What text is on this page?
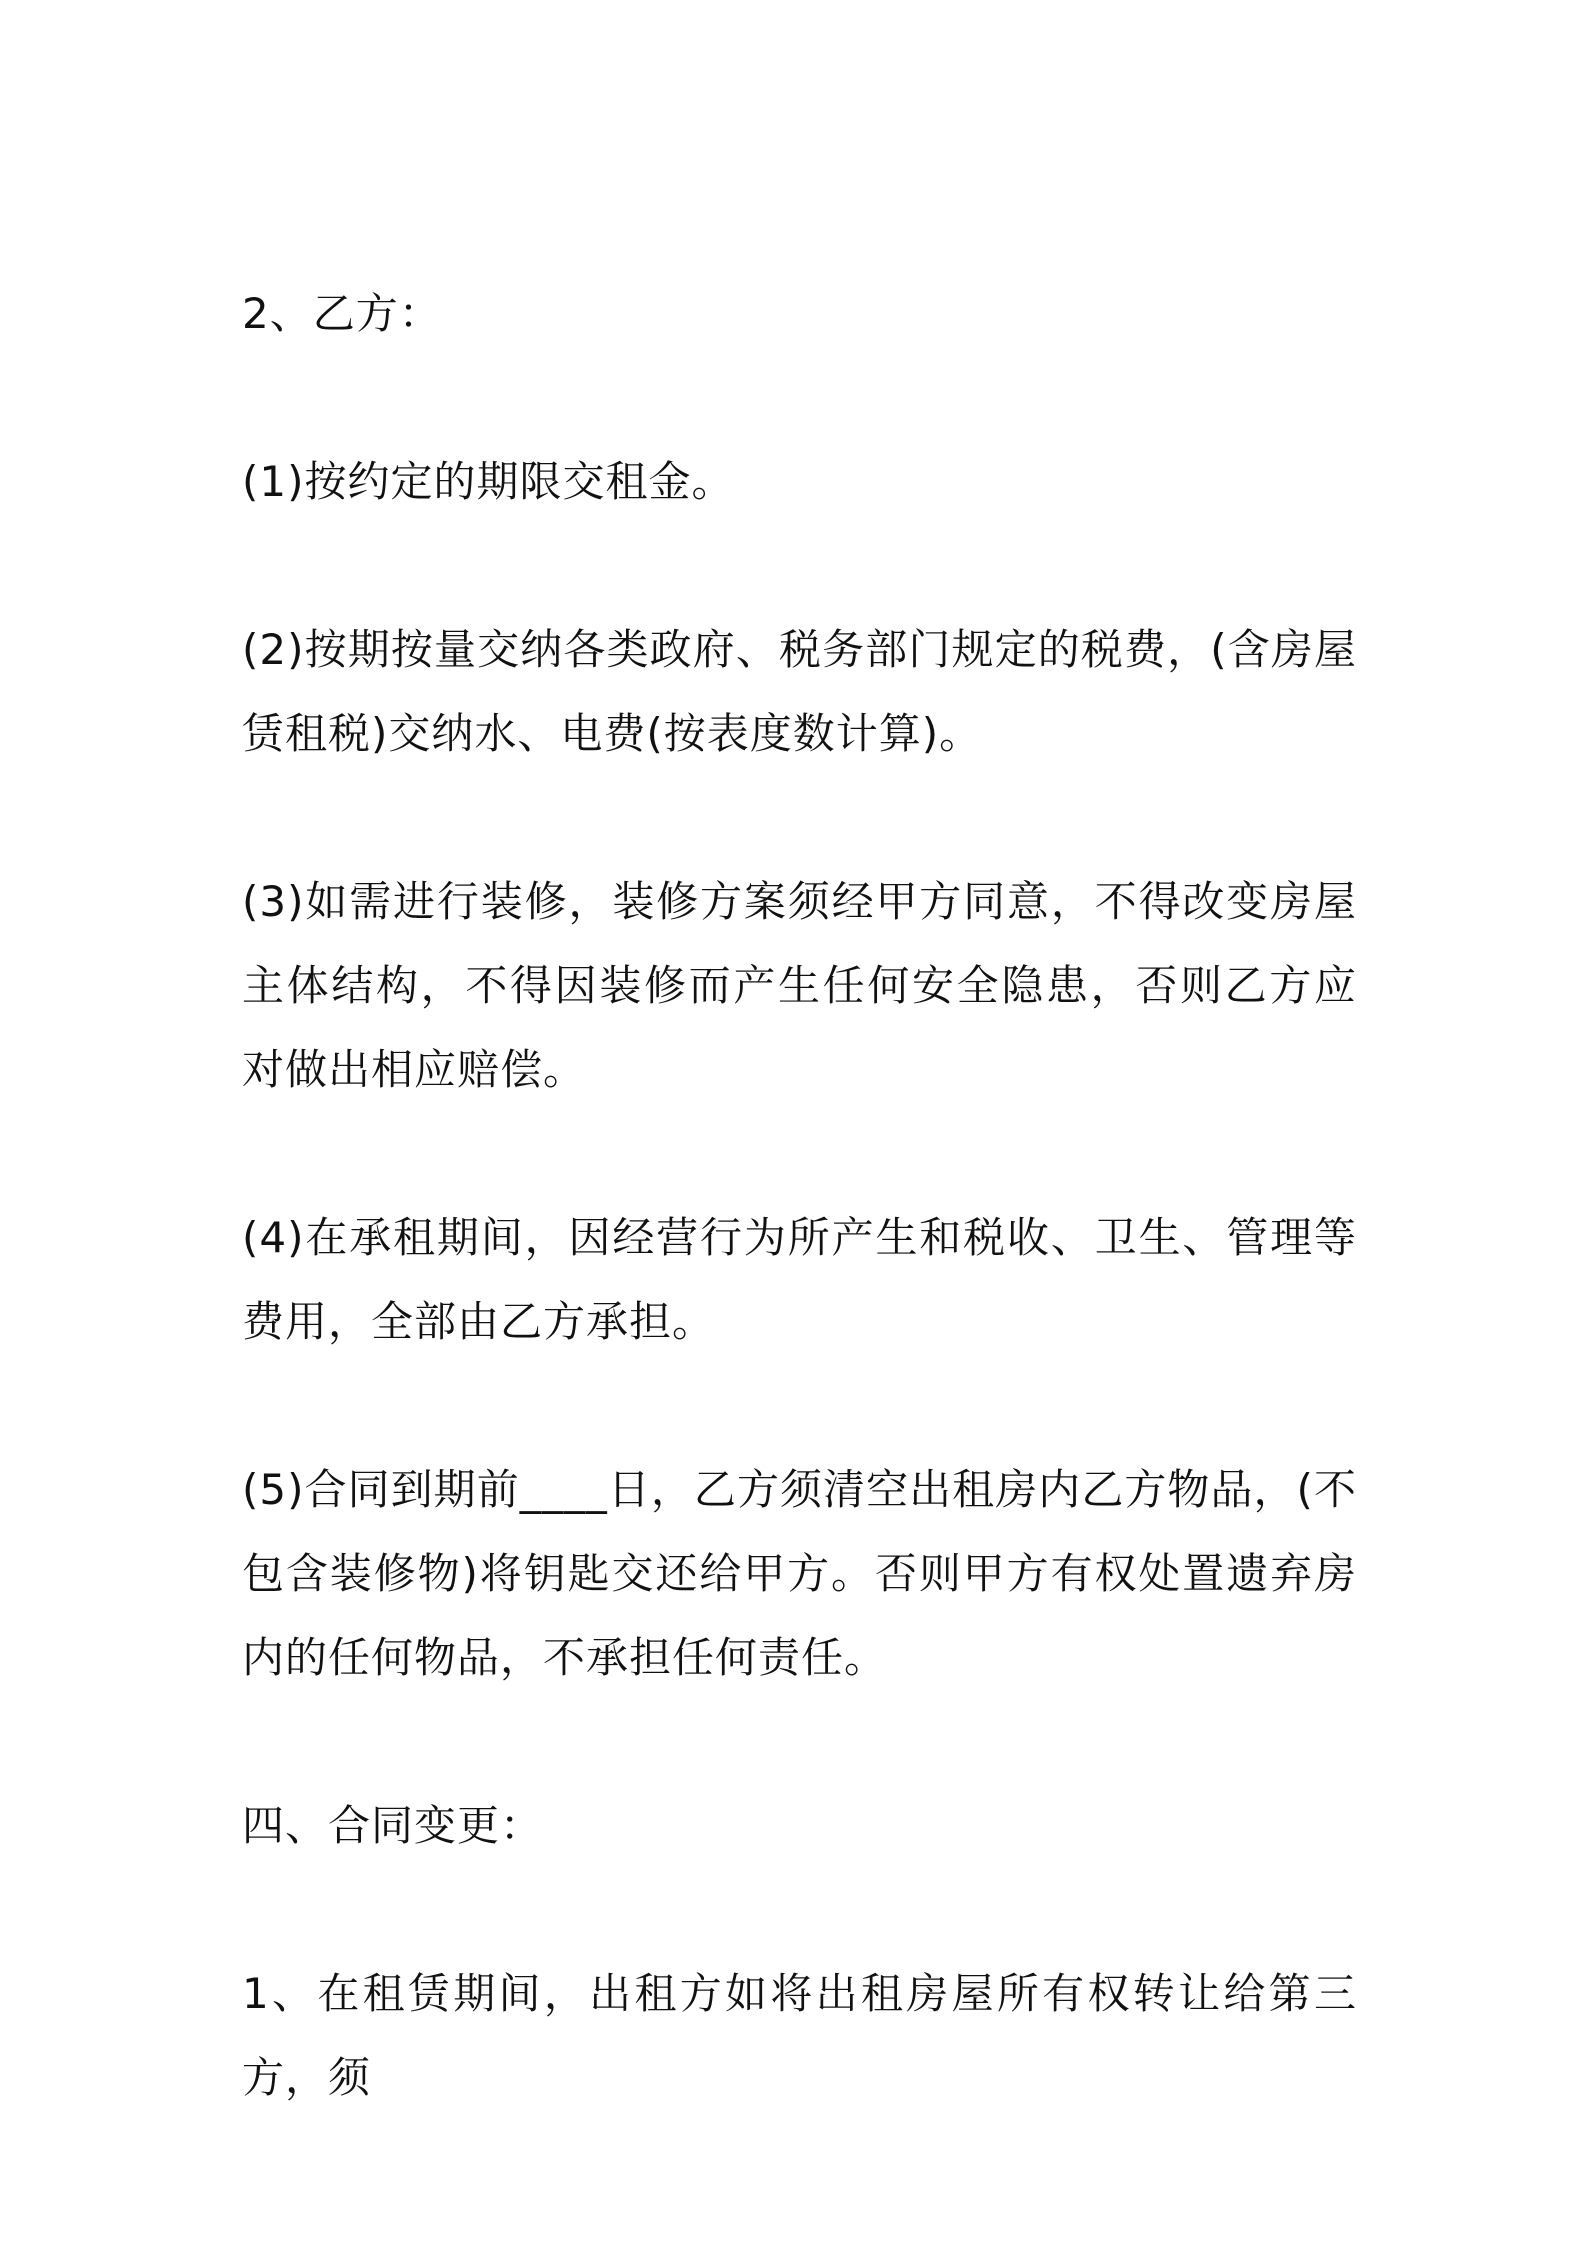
2、乙方：

(1)按约定的期限交租金。

(2)按期按量交纳各类政府、税务部门规定的税费，(含房屋赁租税)交纳水、电费(按表度数计算)。

(3)如需进行装修，装修方案须经甲方同意，不得改变房屋主体结构，不得因装修而产生任何安全隐患，否则乙方应对做出相应赔偿。

(4)在承租期间，因经营行为所产生和税收、卫生、管理等费用，全部由乙方承担。

(5)合同到期前____日，乙方须清空出租房内乙方物品，(不包含装修物)将钥匙交还给甲方。否则甲方有权处置遗弃房内的任何物品，不承担任何责任。

四、合同变更：

1、在租赁期间，出租方如将出租房屋所有权转让给第三方，须
